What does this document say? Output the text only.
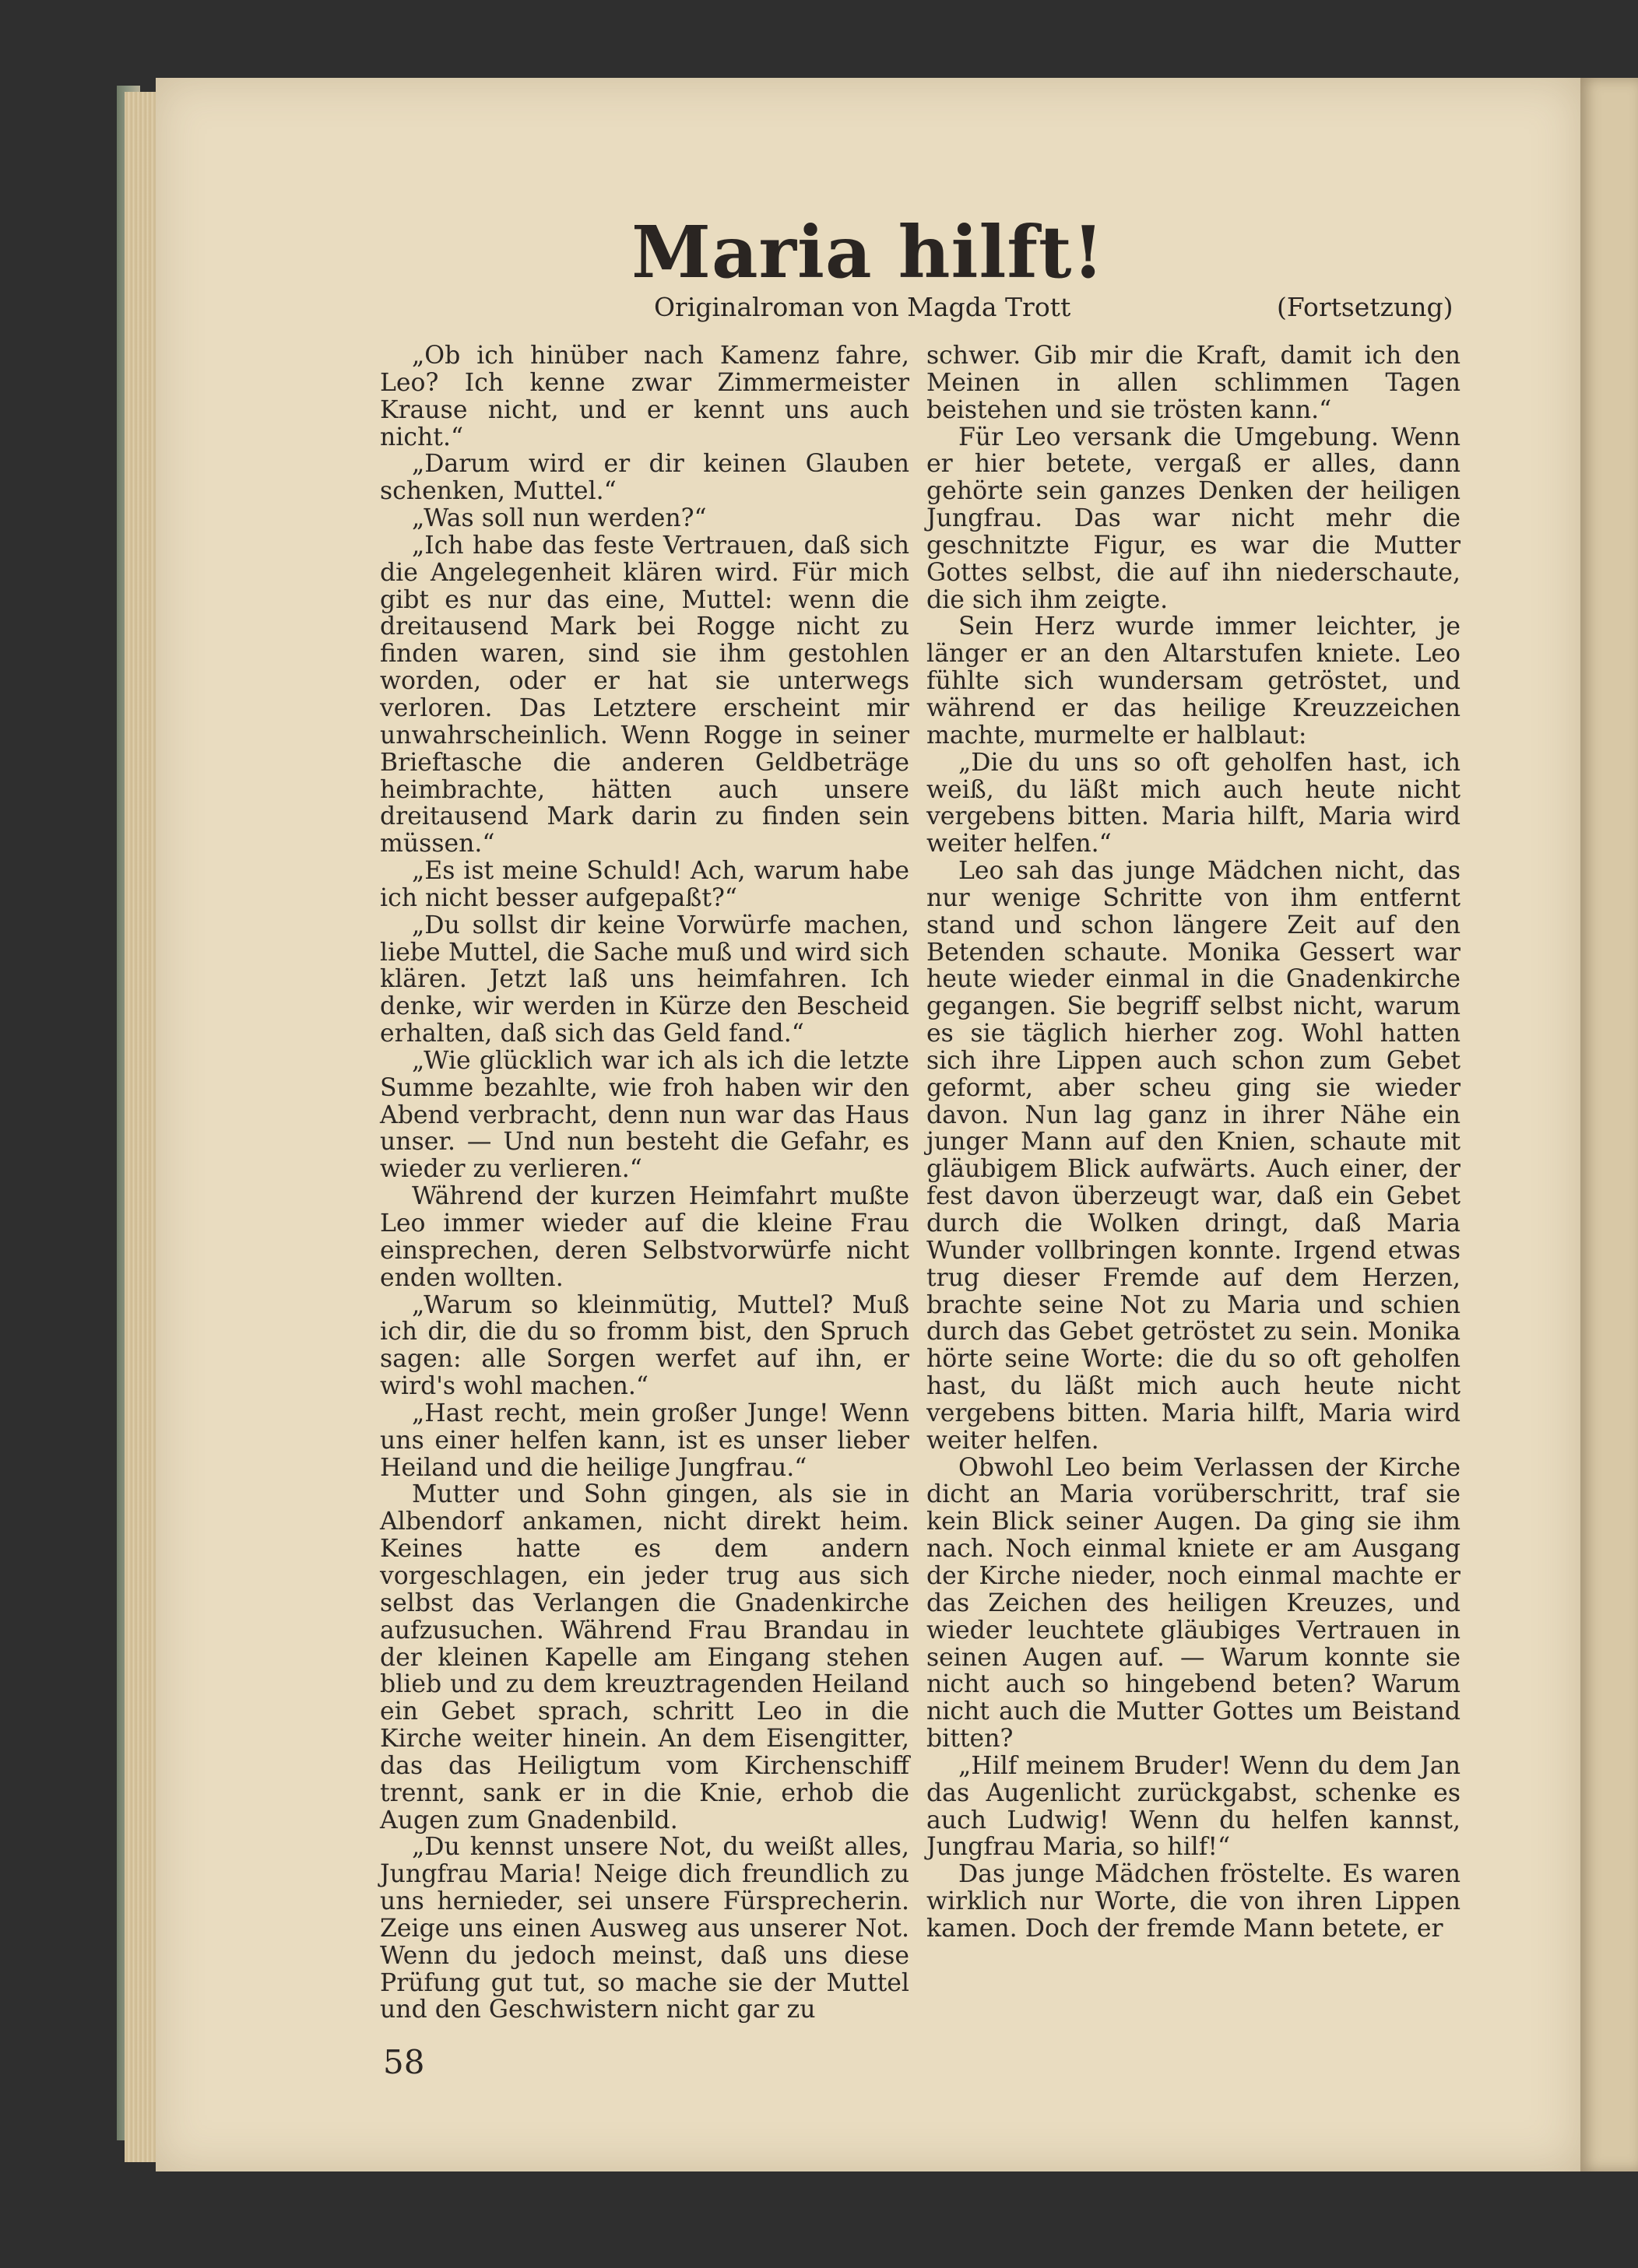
Maria hilft!
Originalroman von Magda Trott	(Fortsetzung)

„Ob ich hinüber nach Kamenz fahre, Leo? Ich kenne zwar Zimmermeister Krause nicht, und er kennt uns auch nicht.“

„Darum wird er dir keinen Glauben schenken, Muttel.“

„Was soll nun werden?“

„Ich habe das feste Vertrauen, daß sich die Angelegenheit klären wird. Für mich gibt es nur das eine, Muttel: wenn die dreitausend Mark bei Rogge nicht zu finden waren, sind sie ihm gestohlen worden, oder er hat sie unterwegs verloren. Das Letztere erscheint mir unwahrscheinlich. Wenn Rogge in seiner Brieftasche die anderen Geldbeträge heimbrachte, hätten auch unsere dreitausend Mark darin zu finden sein müssen.“

„Es ist meine Schuld! Ach, warum habe ich nicht besser aufgepaßt?“

„Du sollst dir keine Vorwürfe machen, liebe Muttel, die Sache muß und wird sich klären. Jetzt laß uns heimfahren. Ich denke, wir werden in Kürze den Bescheid erhalten, daß sich das Geld fand.“

„Wie glücklich war ich als ich die letzte Summe bezahlte, wie froh haben wir den Abend verbracht, denn nun war das Haus unser. — Und nun besteht die Gefahr, es wieder zu verlieren.“

Während der kurzen Heimfahrt mußte Leo immer wieder auf die kleine Frau einsprechen, deren Selbstvorwürfe nicht enden wollten.

„Warum so kleinmütig, Muttel? Muß ich dir, die du so fromm bist, den Spruch sagen: alle Sorgen werfet auf ihn, er wird's wohl machen.“

„Hast recht, mein großer Junge! Wenn uns einer helfen kann, ist es unser lieber Heiland und die heilige Jungfrau.“

Mutter und Sohn gingen, als sie in Albendorf ankamen, nicht direkt heim. Keines hatte es dem andern vorgeschlagen, ein jeder trug aus sich selbst das Verlangen die Gnadenkirche aufzusuchen. Während Frau Brandau in der kleinen Kapelle am Eingang stehen blieb und zu dem kreuztragenden Heiland ein Gebet sprach, schritt Leo in die Kirche weiter hinein. An dem Eisengitter, das das Heiligtum vom Kirchenschiff trennt, sank er in die Knie, erhob die Augen zum Gnadenbild.

„Du kennst unsere Not, du weißt alles, Jungfrau Maria! Neige dich freundlich zu uns hernieder, sei unsere Fürsprecherin. Zeige uns einen Ausweg aus unserer Not. Wenn du jedoch meinst, daß uns diese Prüfung gut tut, so mache sie der Muttel und den Geschwistern nicht gar zu

schwer. Gib mir die Kraft, damit ich den Meinen in allen schlimmen Tagen beistehen und sie trösten kann.“

Für Leo versank die Umgebung. Wenn er hier betete, vergaß er alles, dann gehörte sein ganzes Denken der heiligen Jungfrau. Das war nicht mehr die geschnitzte Figur, es war die Mutter Gottes selbst, die auf ihn niederschaute, die sich ihm zeigte.

Sein Herz wurde immer leichter, je länger er an den Altarstufen kniete. Leo fühlte sich wundersam getröstet, und während er das heilige Kreuzzeichen machte, murmelte er halblaut:

„Die du uns so oft geholfen hast, ich weiß, du läßt mich auch heute nicht vergebens bitten. Maria hilft, Maria wird weiter helfen.“

Leo sah das junge Mädchen nicht, das nur wenige Schritte von ihm entfernt stand und schon längere Zeit auf den Betenden schaute. Monika Gessert war heute wieder einmal in die Gnadenkirche gegangen. Sie begriff selbst nicht, warum es sie täglich hierher zog. Wohl hatten sich ihre Lippen auch schon zum Gebet geformt, aber scheu ging sie wieder davon. Nun lag ganz in ihrer Nähe ein junger Mann auf den Knien, schaute mit gläubigem Blick aufwärts. Auch einer, der fest davon überzeugt war, daß ein Gebet durch die Wolken dringt, daß Maria Wunder vollbringen konnte. Irgend etwas trug dieser Fremde auf dem Herzen, brachte seine Not zu Maria und schien durch das Gebet getröstet zu sein. Monika hörte seine Worte: die du so oft geholfen hast, du läßt mich auch heute nicht vergebens bitten. Maria hilft, Maria wird weiter helfen.

Obwohl Leo beim Verlassen der Kirche dicht an Maria vorüberschritt, traf sie kein Blick seiner Augen. Da ging sie ihm nach. Noch einmal kniete er am Ausgang der Kirche nieder, noch einmal machte er das Zeichen des heiligen Kreuzes, und wieder leuchtete gläubiges Vertrauen in seinen Augen auf. — Warum konnte sie nicht auch so hingebend beten? Warum nicht auch die Mutter Gottes um Beistand bitten?

„Hilf meinem Bruder! Wenn du dem Jan das Augenlicht zurückgabst, schenke es auch Ludwig! Wenn du helfen kannst, Jungfrau Maria, so hilf!“

Das junge Mädchen fröstelte. Es waren wirklich nur Worte, die von ihren Lippen kamen. Doch der fremde Mann betete, er

58
